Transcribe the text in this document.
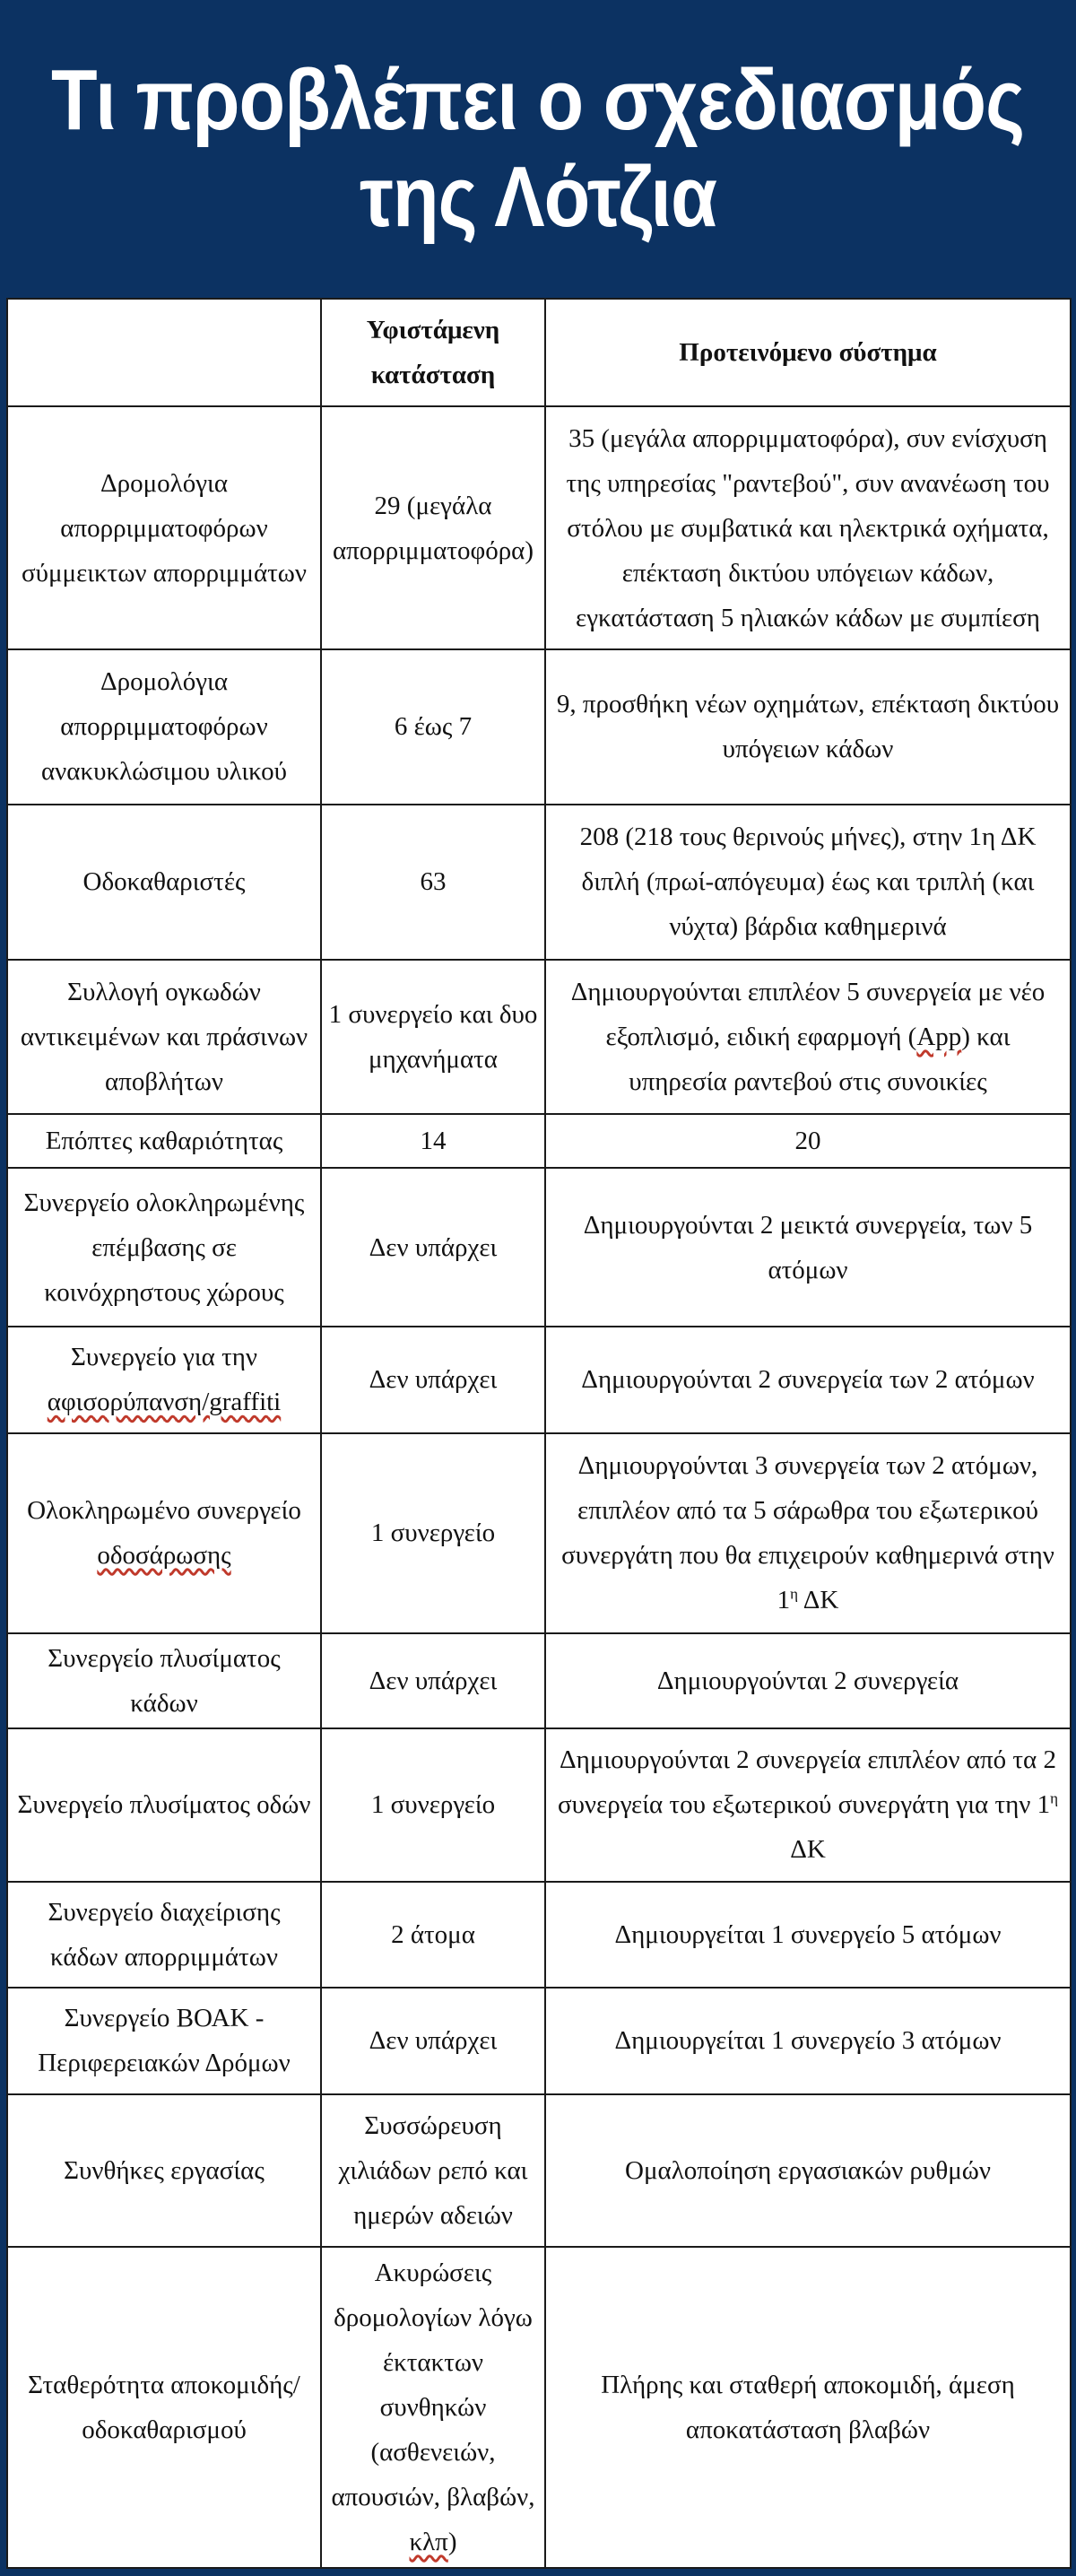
Τι προβλέπει ο σχεδιασμός
της Λότζια
	Υφιστάμενη κατάσταση	Προτεινόμενο σύστημα
Δρομολόγια απορριμματοφόρων σύμμεικτων απορριμμάτων	29 (μεγάλα απορριμματοφόρα)	35 (μεγάλα απορριμματοφόρα), συν ενίσχυση της υπηρεσίας "ραντεβού", συν ανανέωση του στόλου με συμβατικά και ηλεκτρικά οχήματα, επέκταση δικτύου υπόγειων κάδων, εγκατάσταση 5 ηλιακών κάδων με συμπίεση
Δρομολόγια απορριμματοφόρων ανακυκλώσιμου υλικού	6 έως 7	9, προσθήκη νέων οχημάτων, επέκταση δικτύου υπόγειων κάδων
Οδοκαθαριστές	63	208 (218 τους θερινούς μήνες), στην 1η ΔΚ διπλή (πρωί-απόγευμα) έως και τριπλή (και νύχτα) βάρδια καθημερινά
Συλλογή ογκωδών αντικειμένων και πράσινων αποβλήτων	1 συνεργείο και δυο μηχανήματα	Δημιουργούνται επιπλέον 5 συνεργεία με νέο εξοπλισμό, ειδική εφαρμογή (App) και υπηρεσία ραντεβού στις συνοικίες
Επόπτες καθαριότητας	14	20
Συνεργείο ολοκληρωμένης επέμβασης σε κοινόχρηστους χώρους	Δεν υπάρχει	Δημιουργούνται 2 μεικτά συνεργεία, των 5 ατόμων
Συνεργείο για την αφισορύπανση/graffiti	Δεν υπάρχει	Δημιουργούνται 2 συνεργεία των 2 ατόμων
Ολοκληρωμένο συνεργείο οδοσάρωσης	1 συνεργείο	Δημιουργούνται 3 συνεργεία των 2 ατόμων, επιπλέον από τα 5 σάρωθρα του εξωτερικού συνεργάτη που θα επιχειρούν καθημερινά στην $1^\eta$ ΔΚ
Συνεργείο πλυσίματος κάδων	Δεν υπάρχει	Δημιουργούνται 2 συνεργεία
Συνεργείο πλυσίματος οδών	1 συνεργείο	Δημιουργούνται 2 συνεργεία επιπλέον από τα 2 συνεργεία του εξωτερικού συνεργάτη για την $1^\eta$ ΔΚ
Συνεργείο διαχείρισης κάδων απορριμμάτων	2 άτομα	Δημιουργείται 1 συνεργείο 5 ατόμων
Συνεργείο ΒΟΑΚ - Περιφερειακών Δρόμων	Δεν υπάρχει	Δημιουργείται 1 συνεργείο 3 ατόμων
Συνθήκες εργασίας	Συσσώρευση χιλιάδων ρεπό και ημερών αδειών	Ομαλοποίηση εργασιακών ρυθμών
Σταθερότητα αποκομιδής/οδοκαθαρισμού	Ακυρώσεις δρομολογίων λόγω έκτακτων συνθηκών (ασθενειών, απουσιών, βλαβών, κλπ)	Πλήρης και σταθερή αποκομιδή, άμεση αποκατάσταση βλαβών
